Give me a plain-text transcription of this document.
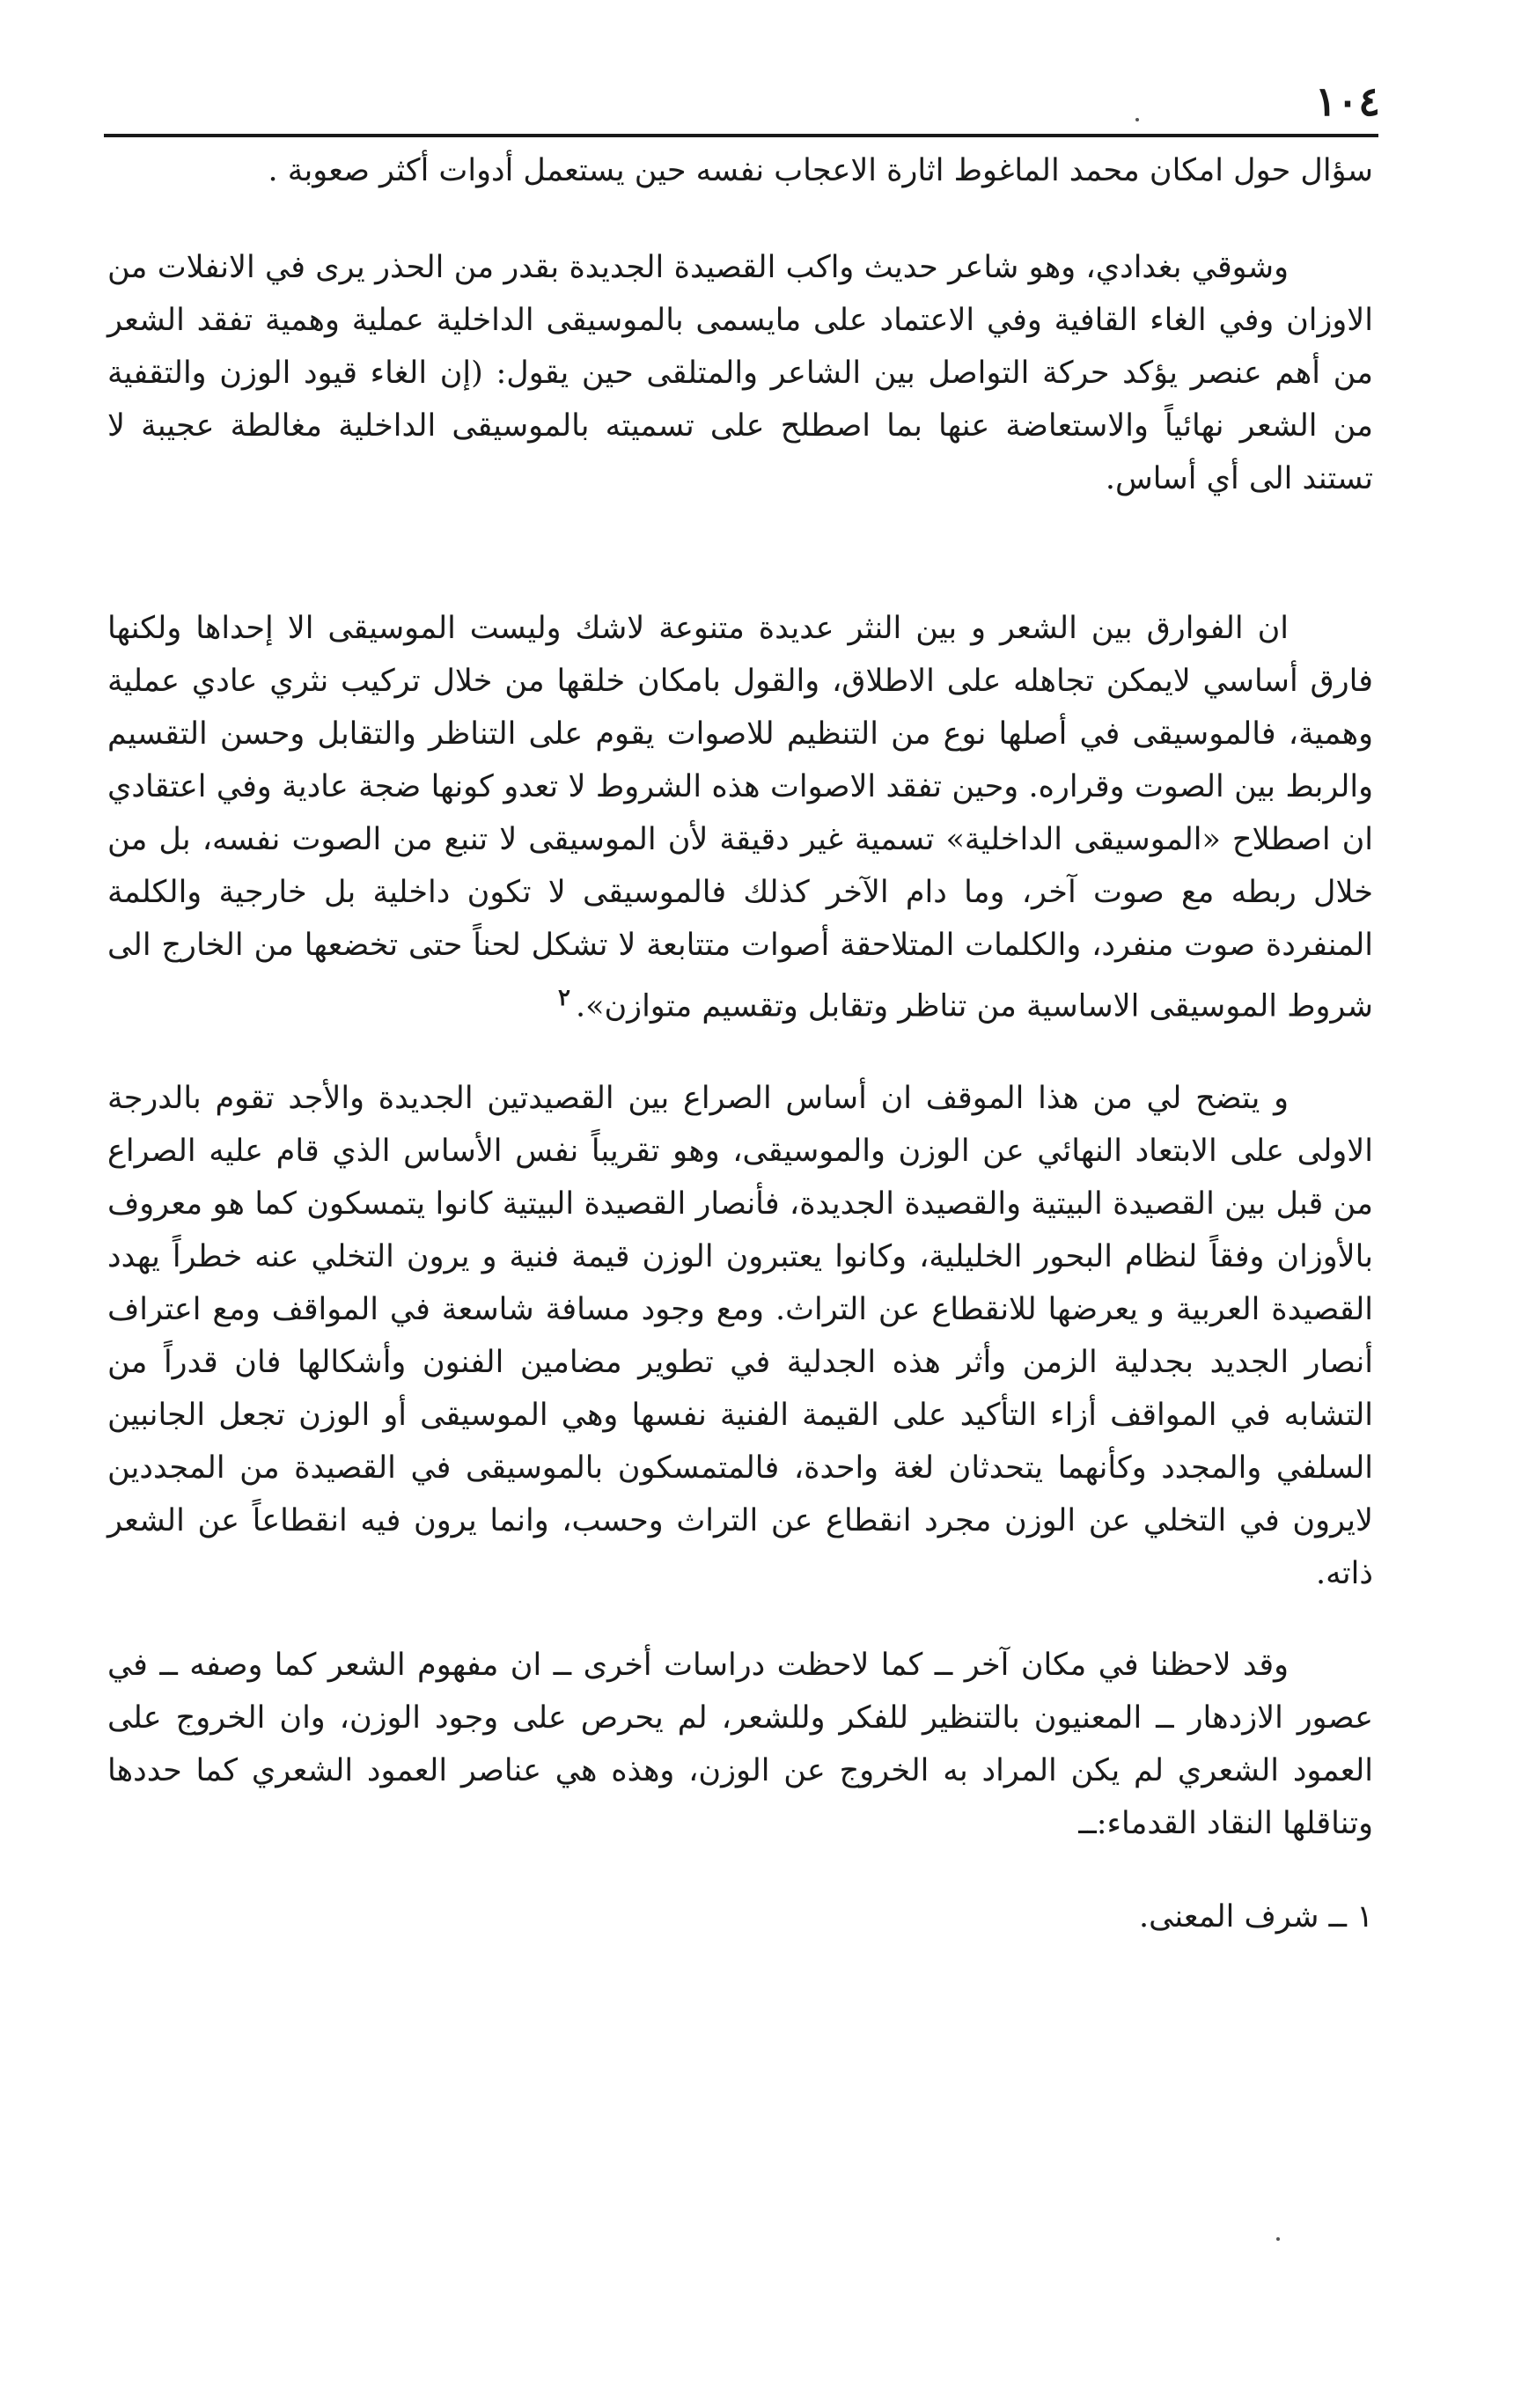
١٠٤

سؤال حول امكان محمد الماغوط اثارة الاعجاب نفسه حين يستعمل أدوات أكثر صعوبة .

وشوقي بغدادي، وهو شاعر حديث واكب القصيدة الجديدة بقدر من الحذر يرى في الانفلات من الاوزان وفي الغاء القافية وفي الاعتماد على مايسمى بالموسيقى الداخلية عملية وهمية تفقد الشعر من أهم عنصر يؤكد حركة التواصل بين الشاعر والمتلقى حين يقول: (إن الغاء قيود الوزن والتقفية من الشعر نهائياً والاستعاضة عنها بما اصطلح على تسميته بالموسيقى الداخلية مغالطة عجيبة لا تستند الى أي أساس.

ان الفوارق بين الشعر و بين النثر عديدة متنوعة لاشك وليست الموسيقى الا إحداها ولكنها فارق أساسي لايمكن تجاهله على الاطلاق، والقول بامكان خلقها من خلال تركيب نثري عادي عملية وهمية، فالموسيقى في أصلها نوع من التنظيم للاصوات يقوم على التناظر والتقابل وحسن التقسيم والربط بين الصوت وقراره. وحين تفقد الاصوات هذه الشروط لا تعدو كونها ضجة عادية وفي اعتقادي ان اصطلاح «الموسيقى الداخلية» تسمية غير دقيقة لأن الموسيقى لا تنبع من الصوت نفسه، بل من خلال ربطه مع صوت آخر، وما دام الآخر كذلك فالموسيقى لا تكون داخلية بل خارجية والكلمة المنفردة صوت منفرد، والكلمات المتلاحقة أصوات متتابعة لا تشكل لحناً حتى تخضعها من الخارج الى شروط الموسيقى الاساسية من تناظر وتقابل وتقسيم متوازن».$^٢$

و يتضح لي من هذا الموقف ان أساس الصراع بين القصيدتين الجديدة والأجد تقوم بالدرجة الاولى على الابتعاد النهائي عن الوزن والموسيقى، وهو تقريباً نفس الأساس الذي قام عليه الصراع من قبل بين القصيدة البيتية والقصيدة الجديدة، فأنصار القصيدة البيتية كانوا يتمسكون كما هو معروف بالأوزان وفقاً لنظام البحور الخليلية، وكانوا يعتبرون الوزن قيمة فنية و يرون التخلي عنه خطراً يهدد القصيدة العربية و يعرضها للانقطاع عن التراث. ومع وجود مسافة شاسعة في المواقف ومع اعتراف أنصار الجديد بجدلية الزمن وأثر هذه الجدلية في تطوير مضامين الفنون وأشكالها فان قدراً من التشابه في المواقف أزاء التأكيد على القيمة الفنية نفسها وهي الموسيقى أو الوزن تجعل الجانبين السلفي والمجدد وكأنهما يتحدثان لغة واحدة، فالمتمسكون بالموسيقى في القصيدة من المجددين لايرون في التخلي عن الوزن مجرد انقطاع عن التراث وحسب، وانما يرون فيه انقطاعاً عن الشعر ذاته.

وقد لاحظنا في مكان آخر ــ كما لاحظت دراسات أخرى ــ ان مفهوم الشعر كما وصفه ــ في عصور الازدهار ــ المعنيون بالتنظير للفكر وللشعر، لم يحرص على وجود الوزن، وان الخروج على العمود الشعري لم يكن المراد به الخروج عن الوزن، وهذه هي عناصر العمود الشعري كما حددها وتناقلها النقاد القدماء:ــ

١ ــ شرف المعنى.
